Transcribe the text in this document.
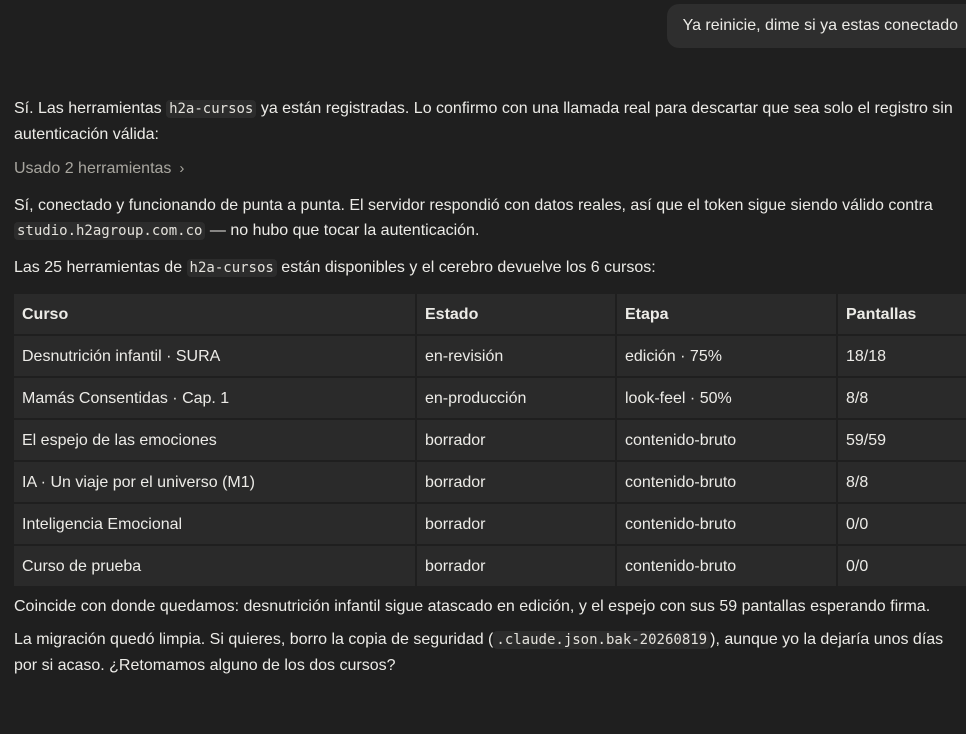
Ya reinicie, dime si ya estas conectado

Sí. Las herramientas h2a-cursos ya están registradas. Lo confirmo con una llamada real para descartar que sea solo el registro sin autenticación válida:

Usado 2 herramientas ›

Sí, conectado y funcionando de punta a punta. El servidor respondió con datos reales, así que el token sigue siendo válido contra studio.h2agroup.com.co — no hubo que tocar la autenticación.

Las 25 herramientas de h2a-cursos están disponibles y el cerebro devuelve los 6 cursos:

Curso	Estado	Etapa	Pantallas
Desnutrición infantil · SURA	en-revisión	edición · 75%	18/18
Mamás Consentidas · Cap. 1	en-producción	look-feel · 50%	8/8
El espejo de las emociones	borrador	contenido-bruto	59/59
IA · Un viaje por el universo (M1)	borrador	contenido-bruto	8/8
Inteligencia Emocional	borrador	contenido-bruto	0/0
Curso de prueba	borrador	contenido-bruto	0/0

Coincide con donde quedamos: desnutrición infantil sigue atascado en edición, y el espejo con sus 59 pantallas esperando firma.

La migración quedó limpia. Si quieres, borro la copia de seguridad ( .claude.json.bak-20260819 ), aunque yo la dejaría unos días por si acaso. ¿Retomamos alguno de los dos cursos?
